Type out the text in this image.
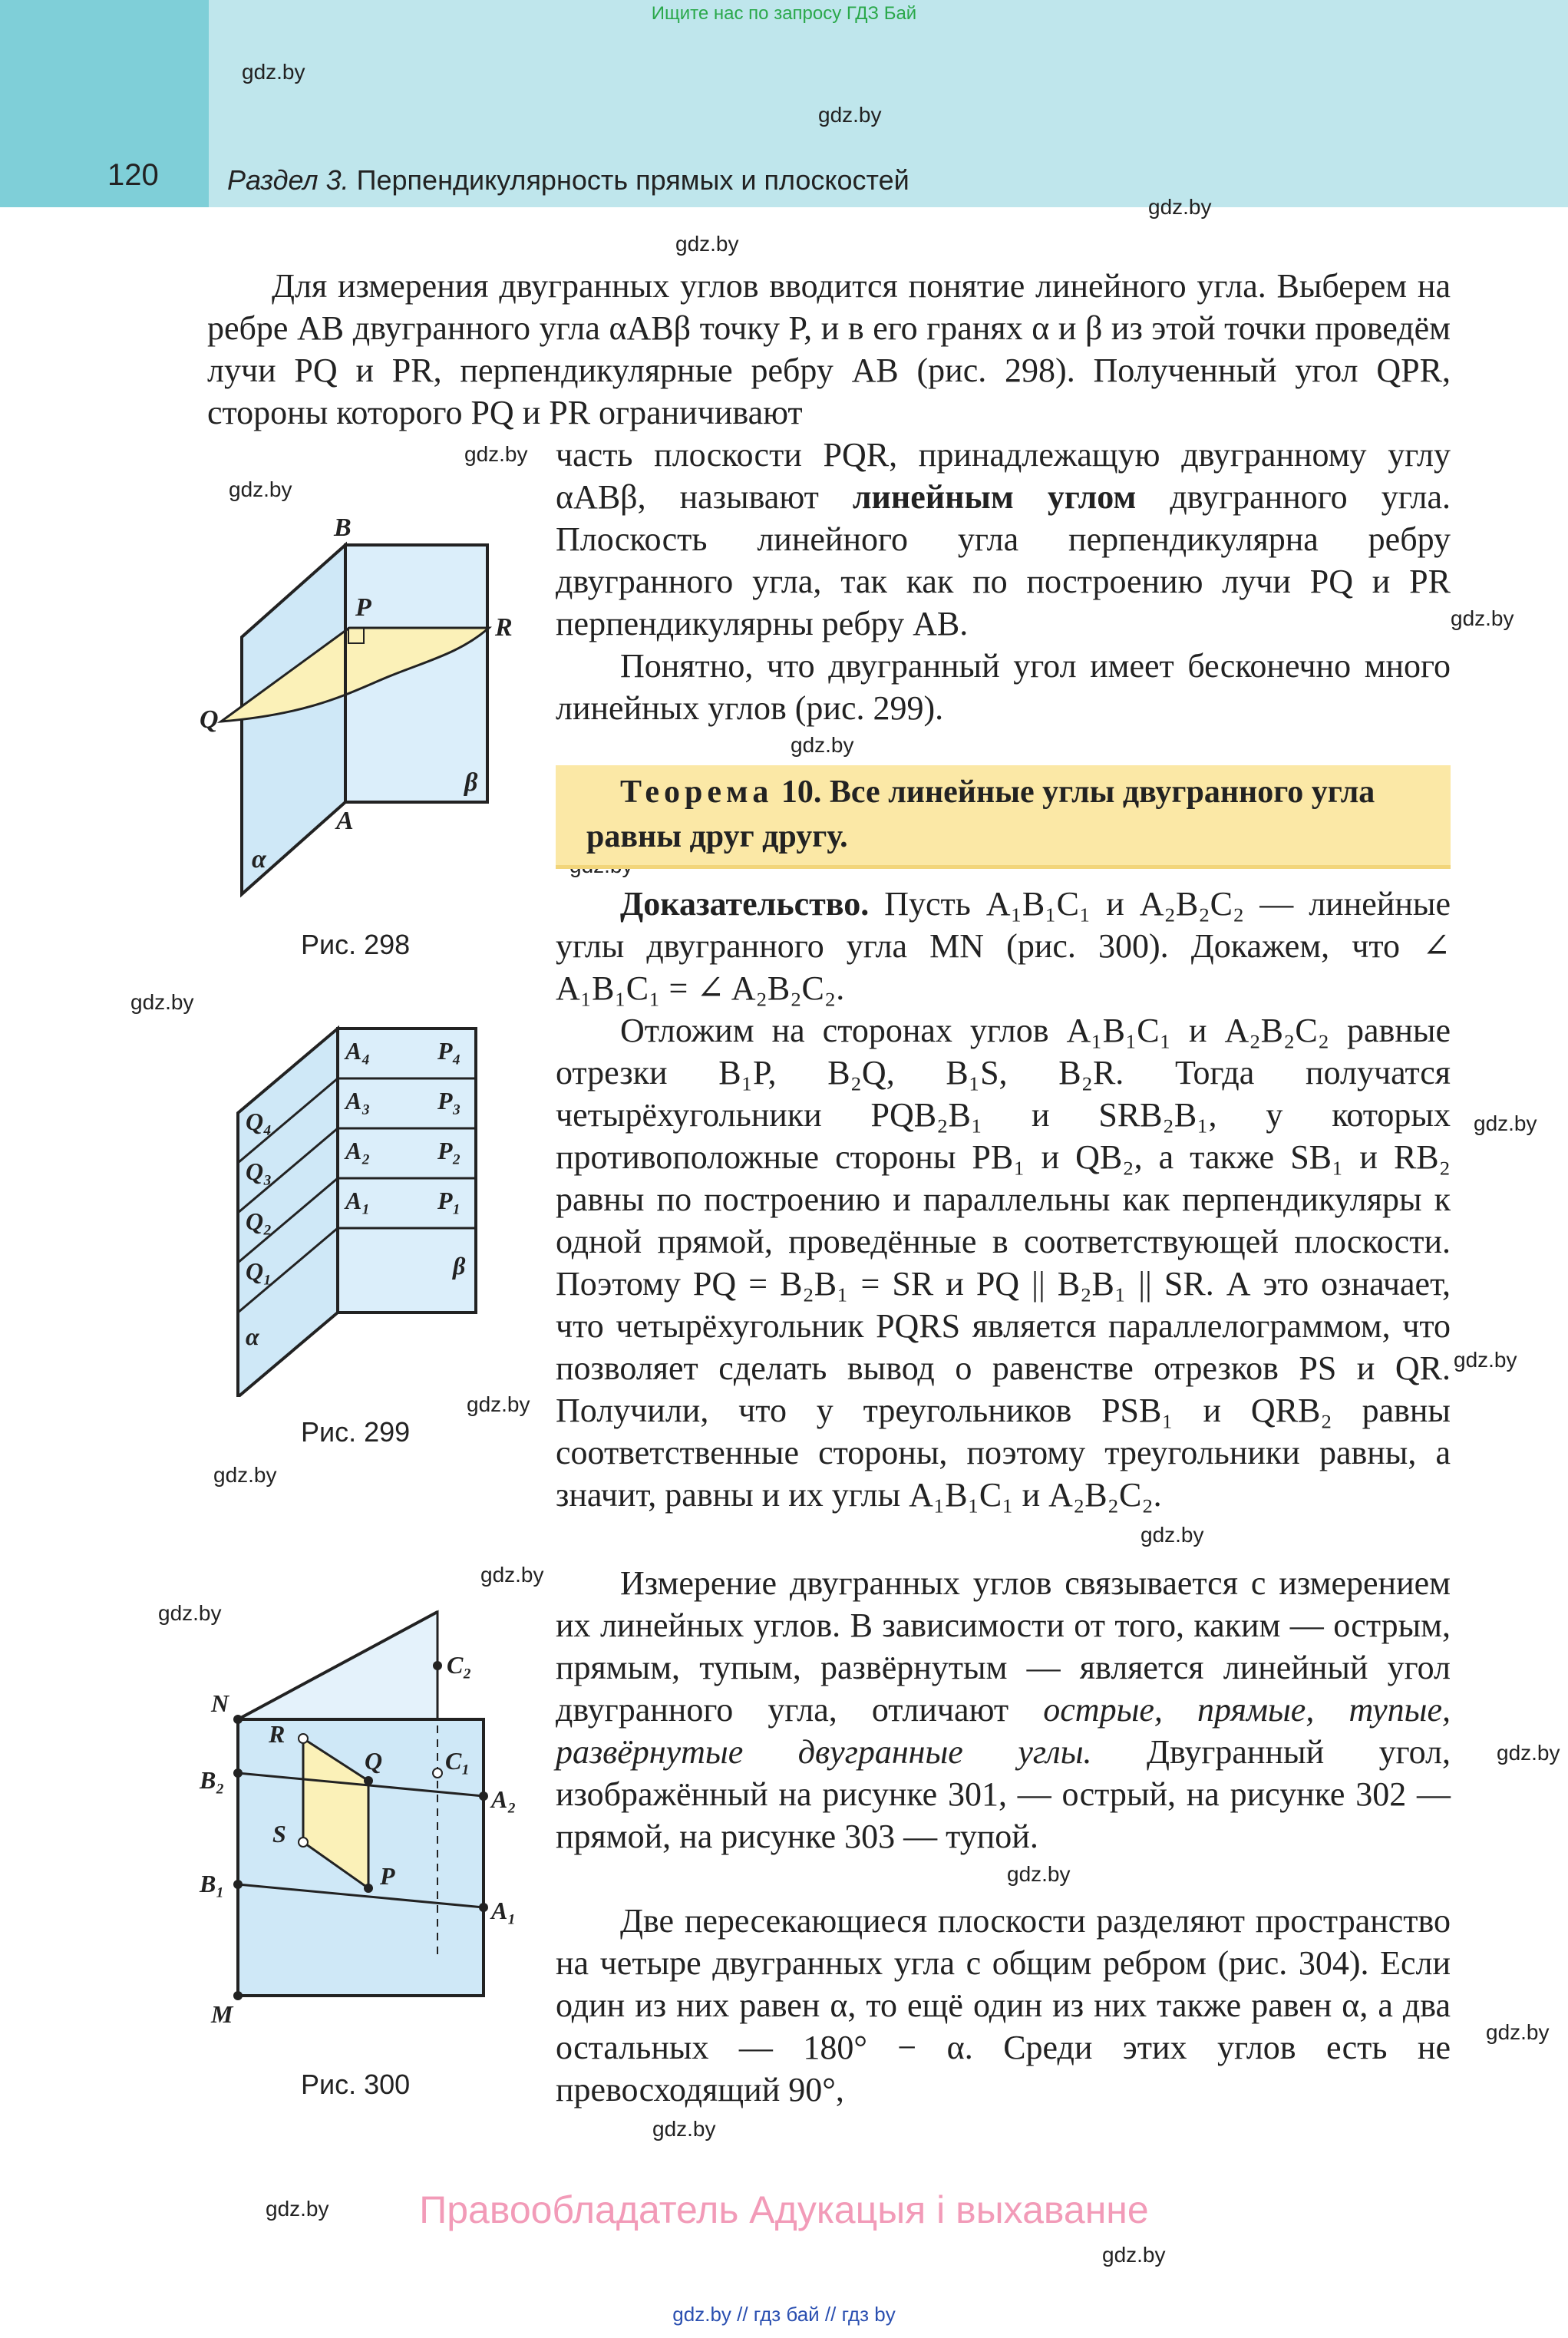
Ищите нас по запросу ГДЗ Бай
120 Раздел 3. Перпендикулярность прямых и плоскостей
gdz.by
gdz.by
gdz.by
gdz.by
gdz.by
gdz.by
gdz.by
gdz.by
gdz.by
gdz.by
gdz.by
gdz.by
gdz.by
gdz.by
gdz.by
gdz.by
gdz.by
gdz.by
gdz.by
gdz.by
gdz.by
gdz.by
Для измерения двугранных углов вводится понятие линейного угла. Выберем на ребре AB двугранного угла αABβ точку P, и в его гранях α и β из этой точки проведём лучи PQ и PR, перпендикулярные ребру AB (рис. 298). Полученный угол QPR, стороны которого PQ и PR ограничивают
часть плоскости PQR, принадлежащую двугранному углу αABβ, называют линейным углом двугранного угла. Плоскость линейного угла перпендикулярна ребру двугранного угла, так как по построению лучи PQ и PR перпендикулярны ребру AB.
Понятно, что двугранный угол имеет бесконечно много линейных углов (рис. 299).
Теорема 10. Все линейные углы двугранного угла равны друг другу.
Доказательство. Пусть A₁B₁C₁ и A₂B₂C₂ — линейные углы двугранного угла MN (рис. 300). Докажем, что ∠ A₁B₁C₁ = ∠ A₂B₂C₂.
Отложим на сторонах углов A₁B₁C₁ и A₂B₂C₂ равные отрезки B₁P, B₂Q, B₁S, B₂R. Тогда получатся четырёхугольники PQB₂B₁ и SRB₂B₁, у которых противоположные стороны PB₁ и QB₂, а также SB₁ и RB₂ равны по построению и параллельны как перпендикуляры к одной прямой, проведённые в соответствующей плоскости. Поэтому PQ = B₂B₁ = SR и PQ || B₂B₁ || SR. А это означает, что четырёхугольник PQRS является параллелограммом, что позволяет сделать вывод о равенстве отрезков PS и QR. Получили, что у треугольников PSB₁ и QRB₂ равны соответственные стороны, поэтому треугольники равны, а значит, равны и их углы A₁B₁C₁ и A₂B₂C₂.
Измерение двугранных углов связывается с измерением их линейных углов. В зависимости от того, каким — острым, прямым, тупым, развёрнутым — является линейный угол двугранного угла, отличают острые, прямые, тупые, развёрнутые двугранные углы. Двугранный угол, изображённый на рисунке 301, — острый, на рисунке 302 — прямой, на рисунке 303 — тупой.
Две пересекающиеся плоскости разделяют пространство на четыре двугранных угла с общим ребром (рис. 304). Если один из них равен α, то ещё один из них также равен α, а два остальных — 180° − α. Среди этих углов есть не превосходящий 90°,
B
P
R
Q
A
β
α
Рис. 298
A₄
A₃
A₂
A₁
P₄
P₃
P₂
P₁
Q₄
Q₃
Q₂
Q₁
α
β
Рис. 299
N
C₂
R
Q	C₁
B₂
A₂
S
B₁	P
A₁
M
Рис. 300
Правообладатель Адукацыя і выхаванне
gdz.by // гдз бай // гдз by
